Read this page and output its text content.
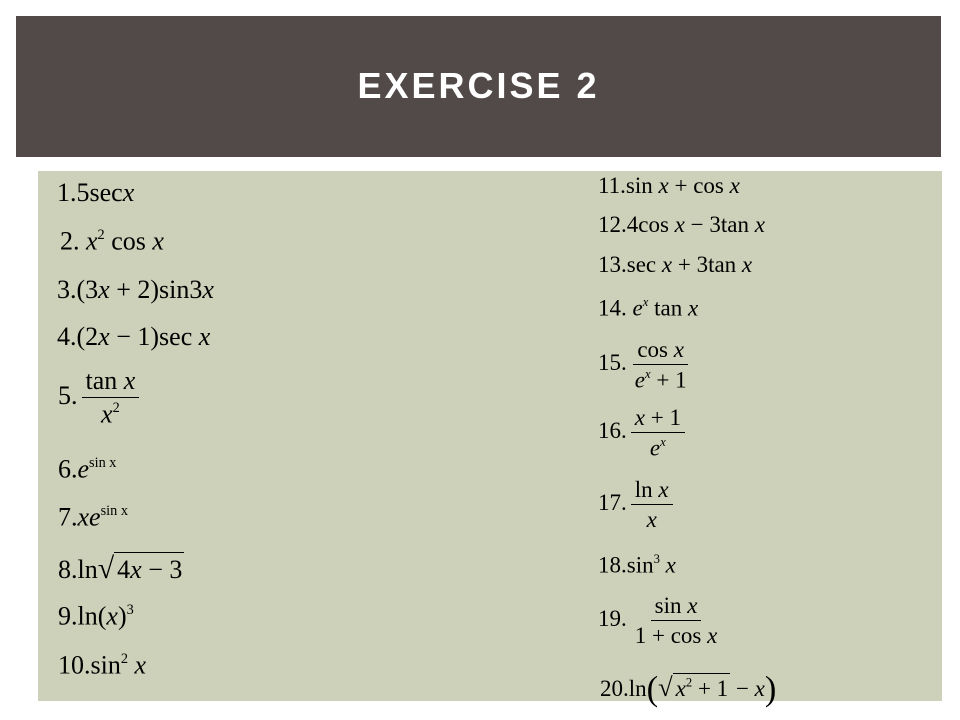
EXERCISE 2
1.5secx
2. $x^2$ cos x
3.(3x + 2)sin3x
4.(2x − 1)sec x
5. $\frac{\text{tan x}}{x^2}$
$6.e^{sin x}$
$7.xe^{sin x}$
8.ln√ 4x − 3
$9.\ln(x)^3$
$10.\sin^2$ x
11.sin x + cos x
12.4cos x − 3tan x
13.sec x + 3tan x
14. $e^x$ tan x
15. $\frac{\text{cos x}}{e^x + 1}$
16. $\frac{x + 1}{e^x}$
17. $\frac{\text{ln x}}{x}$
$18.\sin^3$ x
19. $\frac{\text{sin x}}{\text{1 + cos x}}$
20.ln(√ $x^2 + 1 - x$)
